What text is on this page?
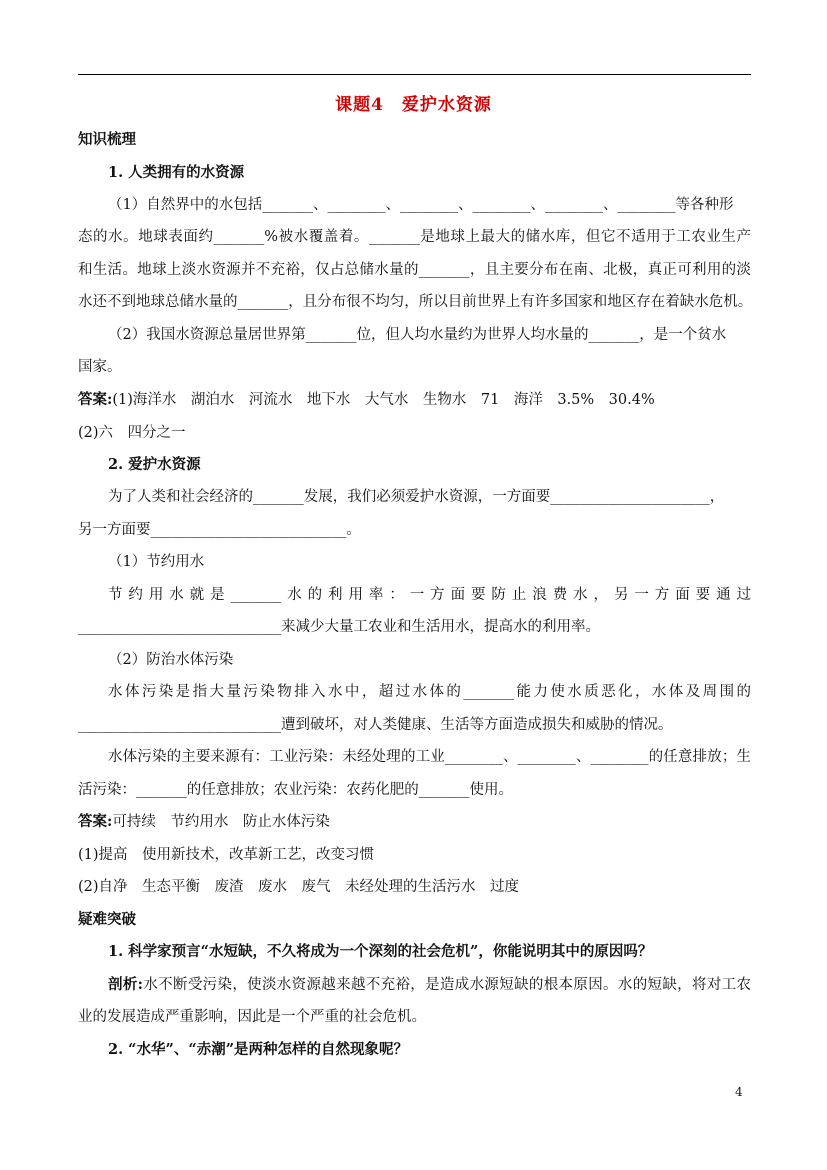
课题4　爱护水资源
知识梳理
1. 人类拥有的水资源
（1）自然界中的水包括_______、________、________、________、________、________等各种形
态的水。地球表面约_______%被水覆盖着。_______是地球上最大的储水库，但它不适用于工农业生产
和生活。地球上淡水资源并不充裕，仅占总储水量的_______，且主要分布在南、北极，真正可利用的淡
水还不到地球总储水量的_______，且分布很不均匀，所以目前世界上有许多国家和地区存在着缺水危机。
（2）我国水资源总量居世界第_______位，但人均水量约为世界人均水量的_______，是一个贫水
国家。
答案:(1)海洋水　湖泊水　河流水　地下水　大气水　生物水　71　海洋　3.5%　30.4%
(2)六　四分之一
2. 爱护水资源
为了人类和社会经济的_______发展，我们必须爱护水资源，一方面要______________________，
另一方面要___________________________。
（1）节约用水
节约用水就是_______水的利用率：一方面要防止浪费水，另一方面要通过
____________________________来减少大量工农业和生活用水，提高水的利用率。
（2）防治水体污染
水体污染是指大量污染物排入水中，超过水体的_______能力使水质恶化，水体及周围的
____________________________遭到破坏，对人类健康、生活等方面造成损失和威胁的情况。
水体污染的主要来源有：工业污染：未经处理的工业________、________、________的任意排放；生
活污染：_______的任意排放；农业污染：农药化肥的_______使用。
答案:可持续　节约用水　防止水体污染
(1)提高　使用新技术，改革新工艺，改变习惯
(2)自净　生态平衡　废渣　废水　废气　未经处理的生活污水　过度
疑难突破
1. 科学家预言“水短缺，不久将成为一个深刻的社会危机”，你能说明其中的原因吗？
剖析:水不断受污染，使淡水资源越来越不充裕，是造成水源短缺的根本原因。水的短缺，将对工农
业的发展造成严重影响，因此是一个严重的社会危机。
2. “水华”、“赤潮”是两种怎样的自然现象呢？
4
